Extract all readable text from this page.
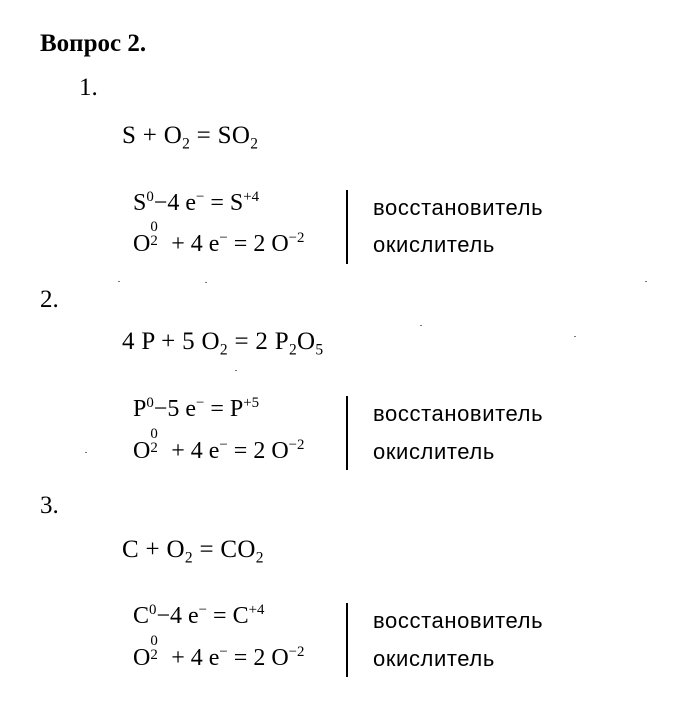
Вопрос 2.
1.
$S + O_2 = SO_2$
$S^0-4$ $e^- = S^{+4}$
O
0
2 + 4 e− = 2 $O^{-2}$
восстановитель
окислитель
2.
4 P + 5 $O_2 = 2$ $P_2O_5$
$P^0-5$ $e^- = P^{+5}$
O
0
2 + 4 e− = 2 $O^{-2}$
восстановитель
окислитель
3.
$C + O_2 = CO_2$
$C^0-4$ $e^- = C^{+4}$
O
0
2 + 4 e− = 2 $O^{-2}$
восстановитель
окислитель
